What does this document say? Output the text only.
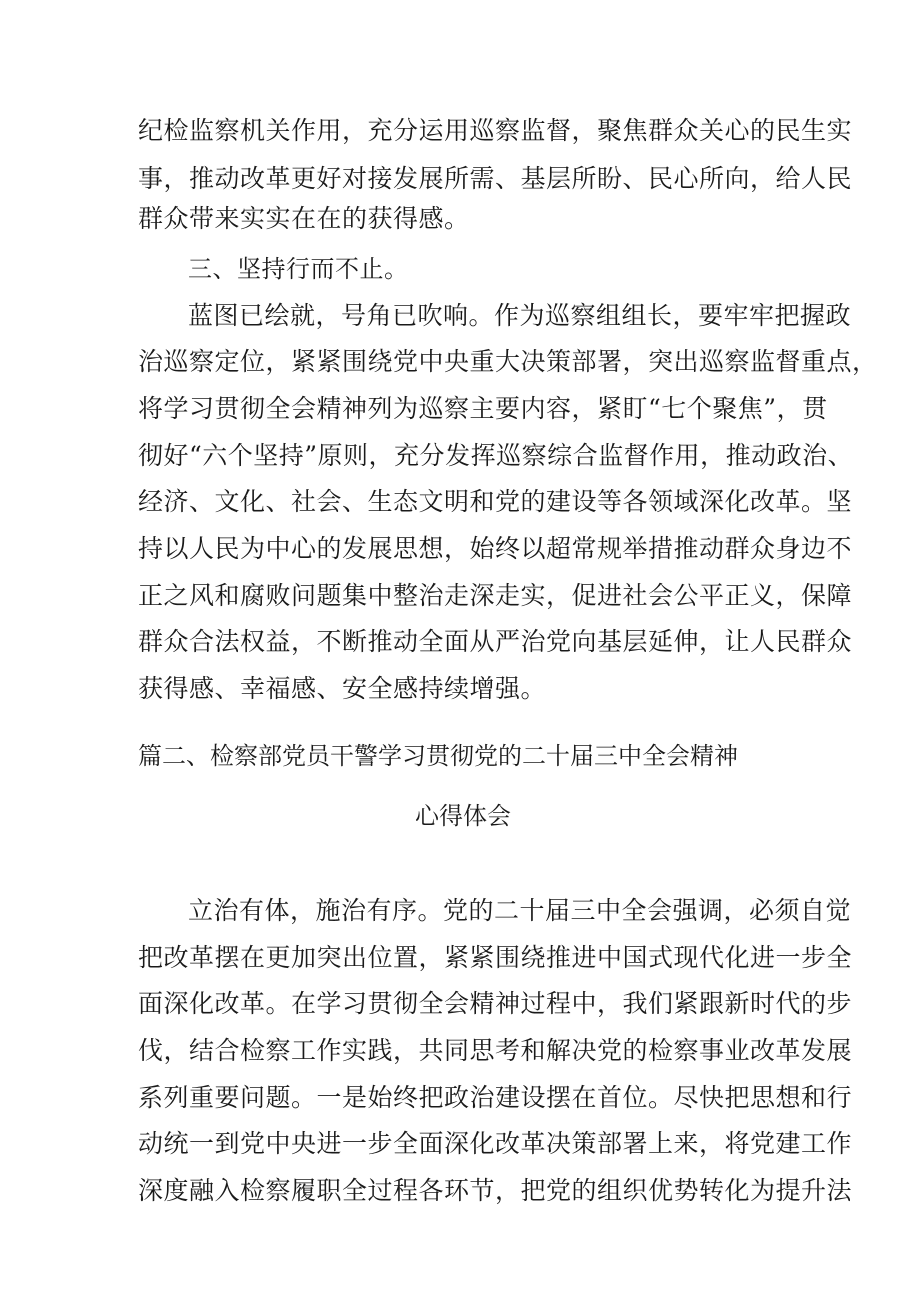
纪检监察机关作用，充分运用巡察监督，聚焦群众关心的民生实
事，推动改革更好对接发展所需、基层所盼、民心所向，给人民
群众带来实实在在的获得感。
三、坚持行而不止。
蓝图已绘就，号角已吹响。作为巡察组组长，要牢牢把握政
治巡察定位，紧紧围绕党中央重大决策部署，突出巡察监督重点，
将学习贯彻全会精神列为巡察主要内容，紧盯“七个聚焦”，贯
彻好“六个坚持”原则，充分发挥巡察综合监督作用，推动政治、
经济、文化、社会、生态文明和党的建设等各领域深化改革。坚
持以人民为中心的发展思想，始终以超常规举措推动群众身边不
正之风和腐败问题集中整治走深走实，促进社会公平正义，保障
群众合法权益，不断推动全面从严治党向基层延伸，让人民群众
获得感、幸福感、安全感持续增强。
篇二、检察部党员干警学习贯彻党的二十届三中全会精神
心得体会
立治有体，施治有序。党的二十届三中全会强调，必须自觉
把改革摆在更加突出位置，紧紧围绕推进中国式现代化进一步全
面深化改革。在学习贯彻全会精神过程中，我们紧跟新时代的步
伐，结合检察工作实践，共同思考和解决党的检察事业改革发展
系列重要问题。一是始终把政治建设摆在首位。尽快把思想和行
动统一到党中央进一步全面深化改革决策部署上来，将党建工作
深度融入检察履职全过程各环节，把党的组织优势转化为提升法
